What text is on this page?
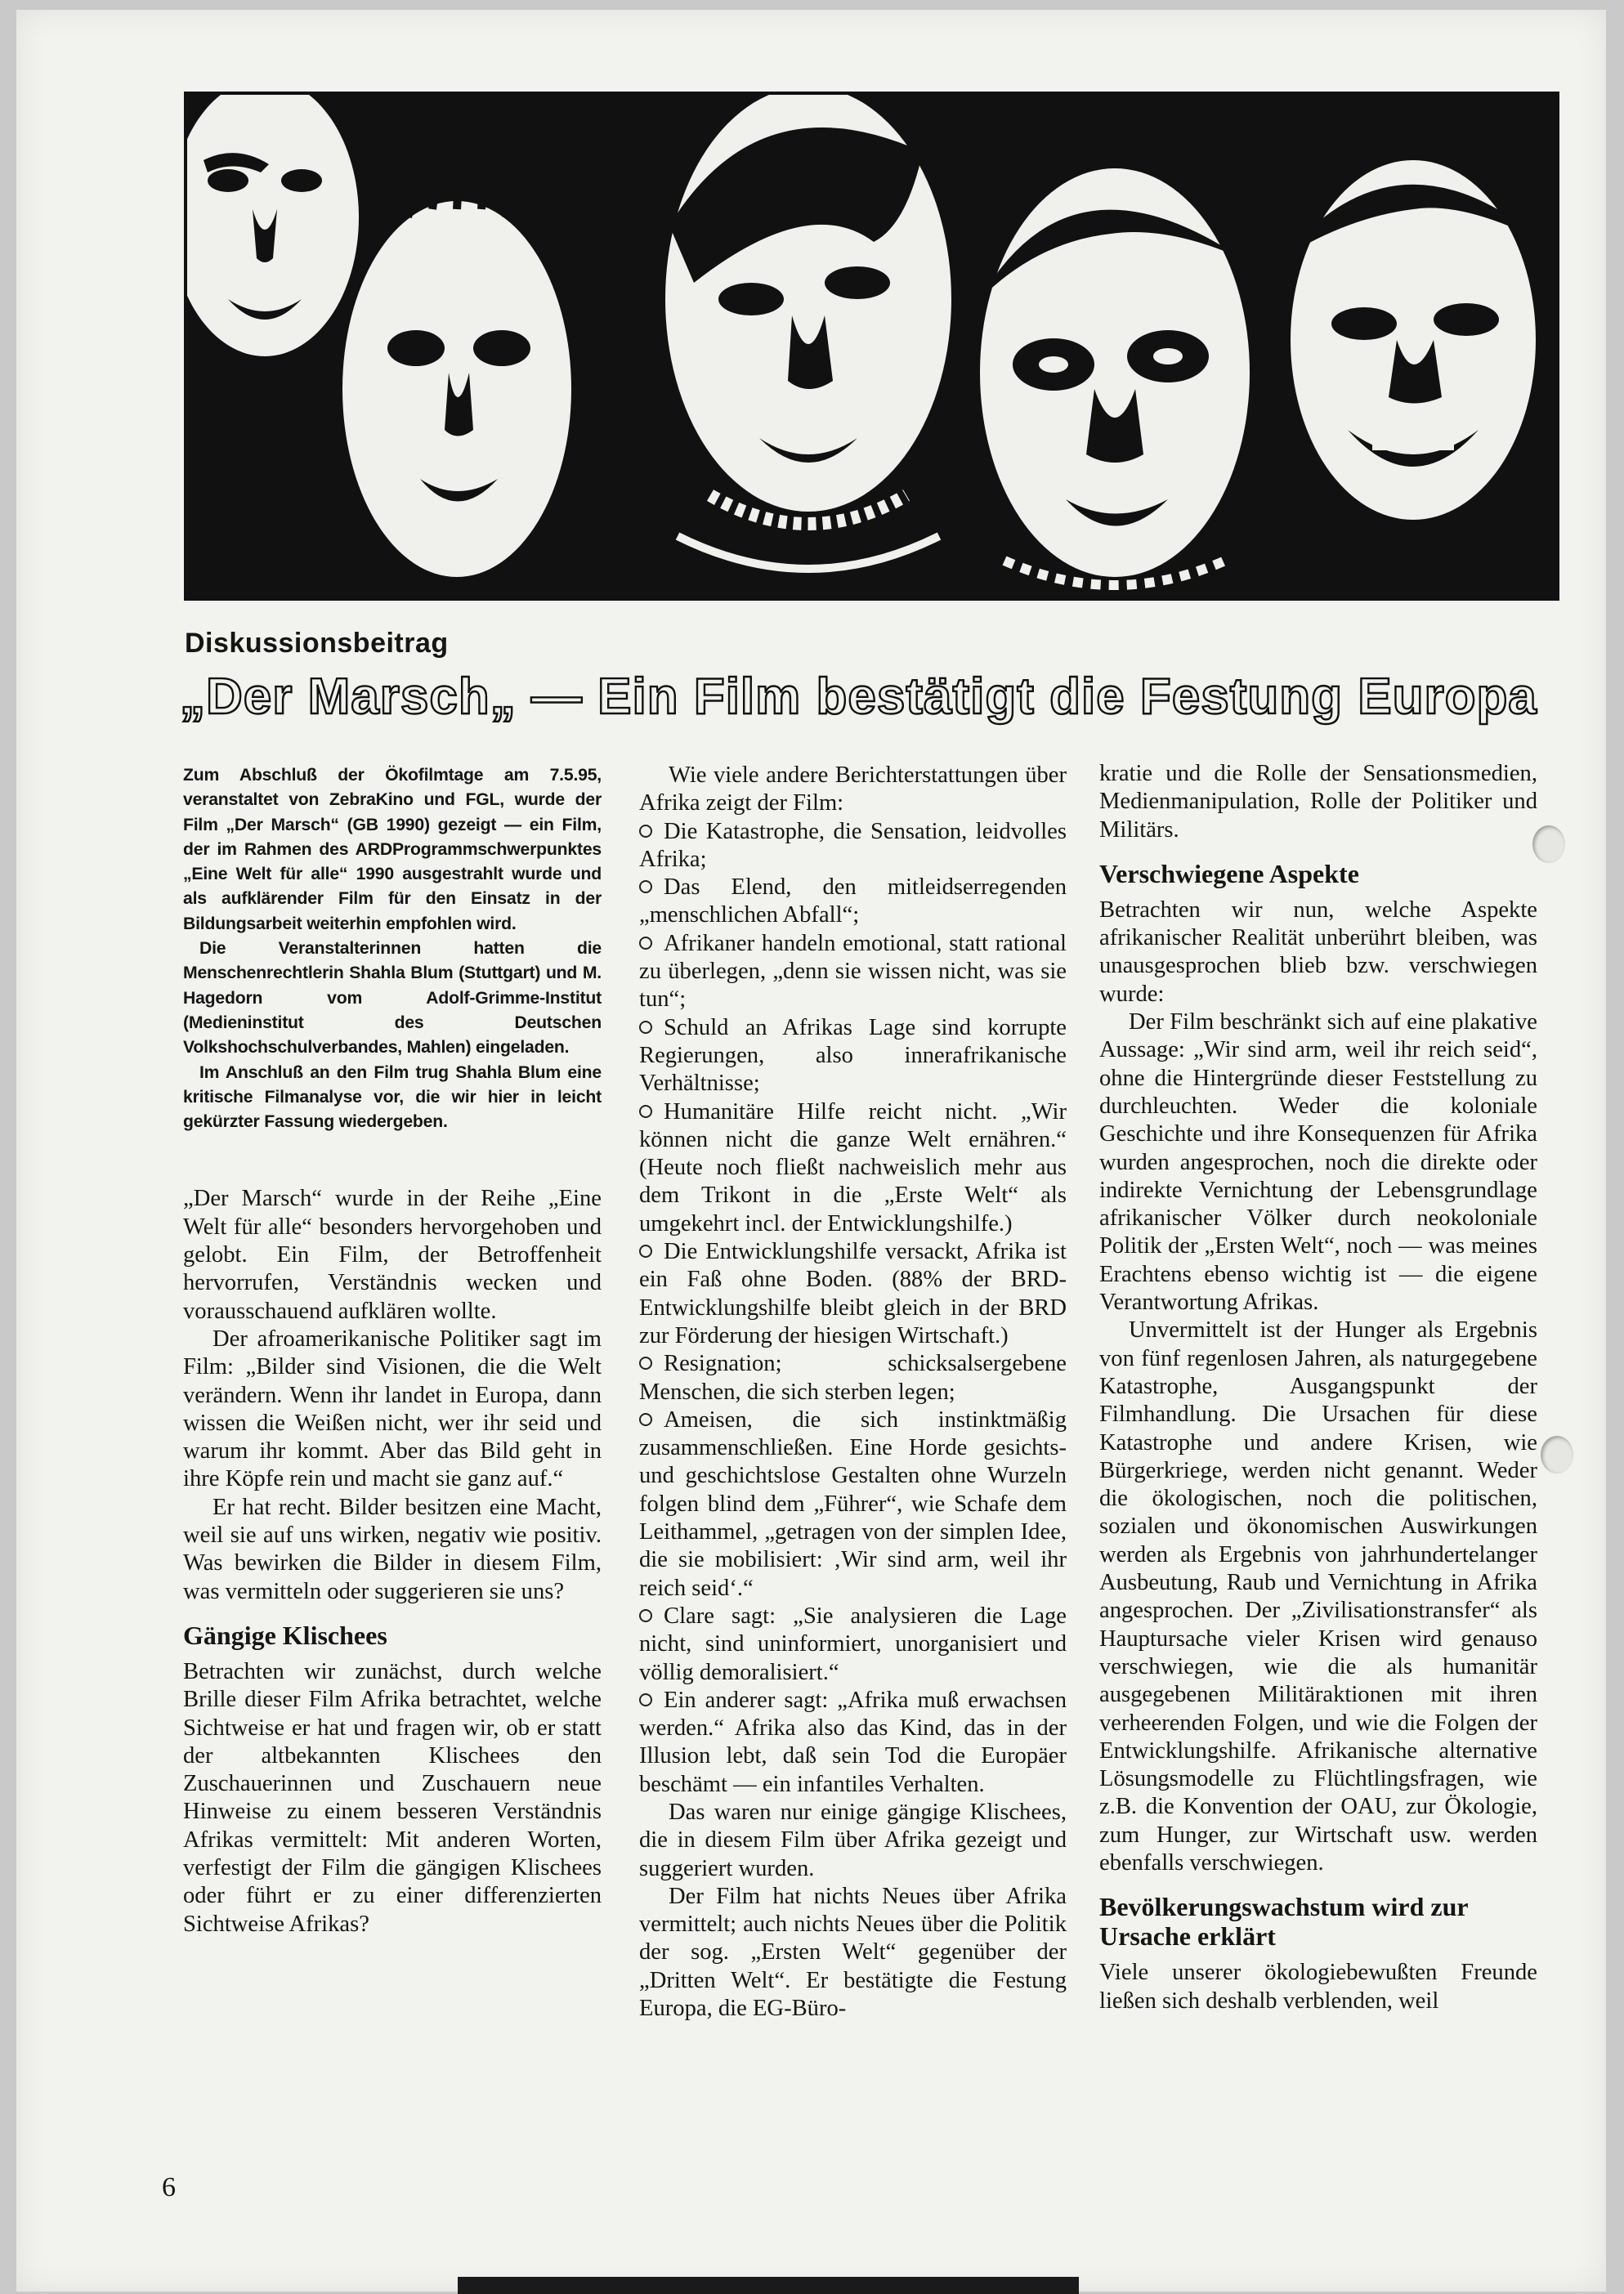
Diskussionsbeitrag
„Der Marsch„ — Ein Film bestätigt die Festung Europa

Zum Abschluß der Ökofilmtage am 7.5.95, veranstaltet von ZebraKino und FGL, wurde der Film „Der Marsch“ (GB 1990) gezeigt — ein Film, der im Rahmen des ARDProgrammschwerpunktes „Eine Welt für alle“ 1990 ausgestrahlt wurde und als aufklärender Film für den Einsatz in der Bildungsarbeit weiterhin empfohlen wird.

Die Veranstalterinnen hatten die Menschenrechtlerin Shahla Blum (Stuttgart) und M. Hagedorn vom Adolf-Grimme-Institut (Medieninstitut des Deutschen Volkshochschulverbandes, Mahlen) eingeladen.

Im Anschluß an den Film trug Shahla Blum eine kritische Filmanalyse vor, die wir hier in leicht gekürzter Fassung wiedergeben.

„Der Marsch“ wurde in der Reihe „Eine Welt für alle“ besonders hervorgehoben und gelobt. Ein Film, der Betroffenheit hervorrufen, Verständnis wecken und vorausschauend aufklären wollte.

Der afroamerikanische Politiker sagt im Film: „Bilder sind Visionen, die die Welt verändern. Wenn ihr landet in Europa, dann wissen die Weißen nicht, wer ihr seid und warum ihr kommt. Aber das Bild geht in ihre Köpfe rein und macht sie ganz auf.“

Er hat recht. Bilder besitzen eine Macht, weil sie auf uns wirken, negativ wie positiv. Was bewirken die Bilder in diesem Film, was vermitteln oder suggerieren sie uns?

Gängige Klischees

Betrachten wir zunächst, durch welche Brille dieser Film Afrika betrachtet, welche Sichtweise er hat und fragen wir, ob er statt der altbekannten Klischees den Zuschauerinnen und Zuschauern neue Hinweise zu einem besseren Verständnis Afrikas vermittelt: Mit anderen Worten, verfestigt der Film die gängigen Klischees oder führt er zu einer differenzierten Sichtweise Afrikas?

Wie viele andere Berichterstattungen über Afrika zeigt der Film:

Die Katastrophe, die Sensation, leidvolles Afrika;
Das Elend, den mitleidserregenden „menschlichen Abfall“;
Afrikaner handeln emotional, statt rational zu überlegen, „denn sie wissen nicht, was sie tun“;
Schuld an Afrikas Lage sind korrupte Regierungen, also innerafrikanische Verhältnisse;
Humanitäre Hilfe reicht nicht. „Wir können nicht die ganze Welt ernähren.“ (Heute noch fließt nachweislich mehr aus dem Trikont in die „Erste Welt“ als umgekehrt incl. der Entwicklungshilfe.)
Die Entwicklungshilfe versackt, Afrika ist ein Faß ohne Boden. (88% der BRD-Entwicklungshilfe bleibt gleich in der BRD zur Förderung der hiesigen Wirtschaft.)
Resignation; schicksalsergebene Menschen, die sich sterben legen;
Ameisen, die sich instinktmäßig zusammenschließen. Eine Horde gesichts- und geschichtslose Gestalten ohne Wurzeln folgen blind dem „Führer“, wie Schafe dem Leithammel, „getragen von der simplen Idee, die sie mobilisiert: ‚Wir sind arm, weil ihr reich seid‘.“
Clare sagt: „Sie analysieren die Lage nicht, sind uninformiert, unorganisiert und völlig demoralisiert.“
Ein anderer sagt: „Afrika muß erwachsen werden.“ Afrika also das Kind, das in der Illusion lebt, daß sein Tod die Europäer beschämt — ein infantiles Verhalten.

Das waren nur einige gängige Klischees, die in diesem Film über Afrika gezeigt und suggeriert wurden.

Der Film hat nichts Neues über Afrika vermittelt; auch nichts Neues über die Politik der sog. „Ersten Welt“ gegenüber der „Dritten Welt“. Er bestätigte die Festung Europa, die EG-Büro-

kratie und die Rolle der Sensationsmedien, Medienmanipulation, Rolle der Politiker und Militärs.

Verschwiegene Aspekte

Betrachten wir nun, welche Aspekte afrikanischer Realität unberührt bleiben, was unausgesprochen blieb bzw. verschwiegen wurde:

Der Film beschränkt sich auf eine plakative Aussage: „Wir sind arm, weil ihr reich seid“, ohne die Hintergründe dieser Feststellung zu durchleuchten. Weder die koloniale Geschichte und ihre Konsequenzen für Afrika wurden angesprochen, noch die direkte oder indirekte Vernichtung der Lebensgrundlage afrikanischer Völker durch neokoloniale Politik der „Ersten Welt“, noch — was meines Erachtens ebenso wichtig ist — die eigene Verantwortung Afrikas.

Unvermittelt ist der Hunger als Ergebnis von fünf regenlosen Jahren, als naturgegebene Katastrophe, Ausgangspunkt der Filmhandlung. Die Ursachen für diese Katastrophe und andere Krisen, wie Bürgerkriege, werden nicht genannt. Weder die ökologischen, noch die politischen, sozialen und ökonomischen Auswirkungen werden als Ergebnis von jahrhundertelanger Ausbeutung, Raub und Vernichtung in Afrika angesprochen. Der „Zivilisationstransfer“ als Hauptursache vieler Krisen wird genauso verschwiegen, wie die als humanitär ausgegebenen Militäraktionen mit ihren verheerenden Folgen, und wie die Folgen der Entwicklungshilfe. Afrikanische alternative Lösungsmodelle zu Flüchtlingsfragen, wie z.B. die Konvention der OAU, zur Ökologie, zum Hunger, zur Wirtschaft usw. werden ebenfalls verschwiegen.

Bevölkerungswachstum wird zur Ursache erklärt

Viele unserer ökologiebewußten Freunde ließen sich deshalb verblenden, weil

6
